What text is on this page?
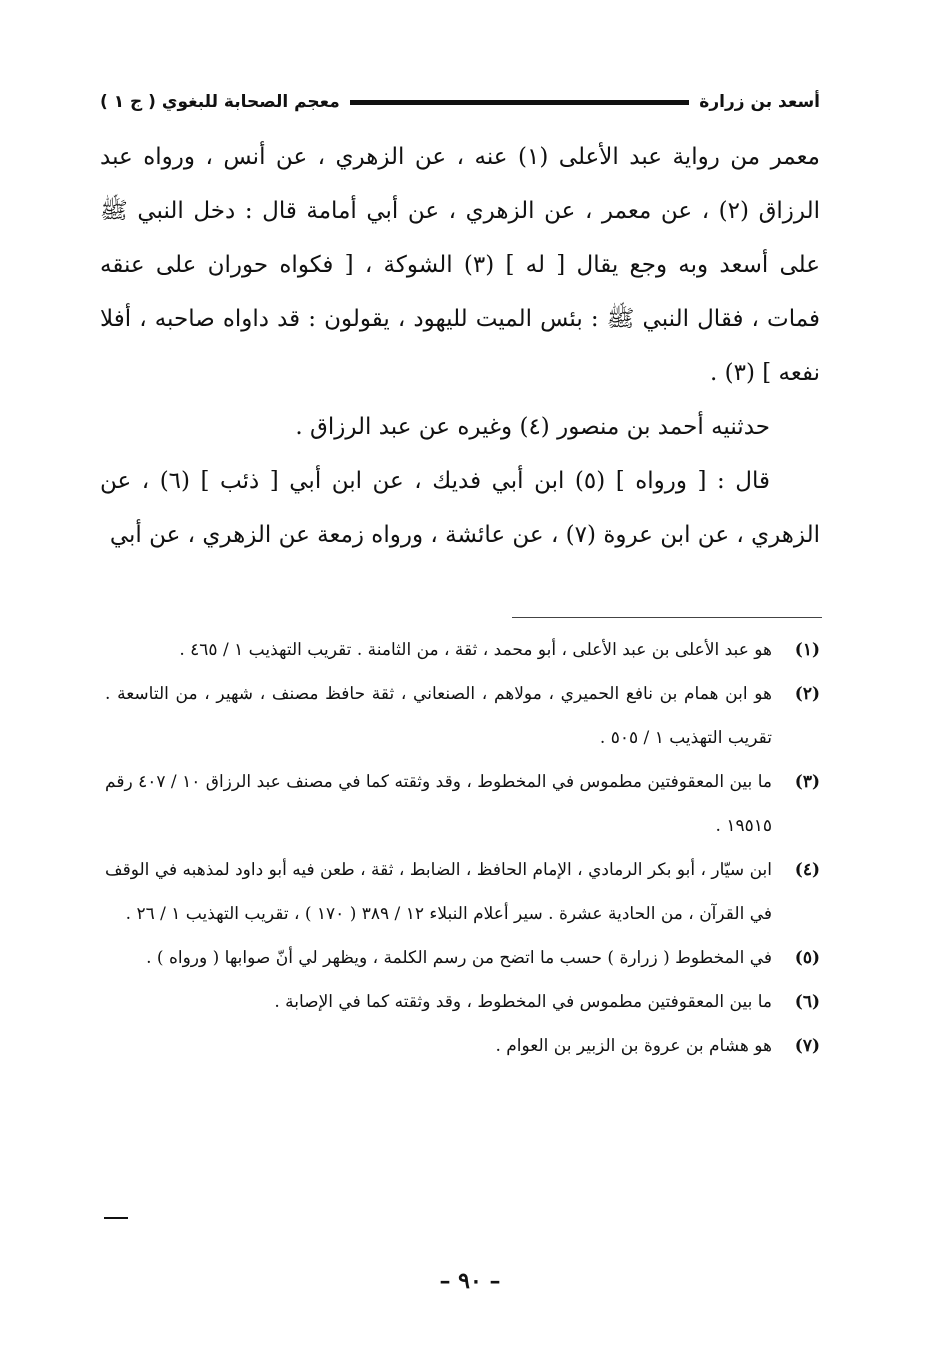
أسعد بن زرارة
معجم الصحابة للبغوي ( ج ١ )

معمر من رواية عبد الأعلى (١) عنه ، عن الزهري ، عن أنس ، ورواه عبد الرزاق (٢) ، عن معمر ، عن الزهري ، عن أبي أمامة قال : دخل النبي ﷺ على أسعد وبه وجع يقال [ له ] (٣) الشوكة ، [ فكواه حوران على عنقه فمات ، فقال النبي ﷺ : بئس الميت لليهود ، يقولون : قد داواه صاحبه ، أفلا نفعه ] (٣) .

حدثنيه أحمد بن منصور (٤) وغيره عن عبد الرزاق .

قال : [ ورواه ] (٥) ابن أبي فديك ، عن ابن أبي [ ذئب ] (٦) ، عن الزهري ، عن ابن عروة (٧) ، عن عائشة ، ورواه زمعة عن الزهري ، عن أبي

(١)
هو عبد الأعلى بن عبد الأعلى ، أبو محمد ، ثقة ، من الثامنة . تقريب التهذيب ١ / ٤٦٥ .
(٢)
هو ابن همام بن نافع الحميري ، مولاهم ، الصنعاني ، ثقة حافظ مصنف ، شهير ، من التاسعة . تقريب التهذيب ١ / ٥٠٥ .
(٣)
ما بين المعقوفتين مطموس في المخطوط ، وقد وثقته كما في مصنف عبد الرزاق ١٠ / ٤٠٧ رقم ١٩٥١٥ .
(٤)
ابن سيّار ، أبو بكر الرمادي ، الإمام الحافظ ، الضابط ، ثقة ، طعن فيه أبو داود لمذهبه في الوقف في القرآن ، من الحادية عشرة . سير أعلام النبلاء ١٢ / ٣٨٩ ( ١٧٠ ) ، تقريب التهذيب ١ / ٢٦ .
(٥)
في المخطوط ( زرارة ) حسب ما اتضح من رسم الكلمة ، ويظهر لي أنّ صوابها ( ورواه ) .
(٦)
ما بين المعقوفتين مطموس في المخطوط ، وقد وثقته كما في الإصابة .
(٧)
هو هشام بن عروة بن الزبير بن العوام .
– ٩٠ –
